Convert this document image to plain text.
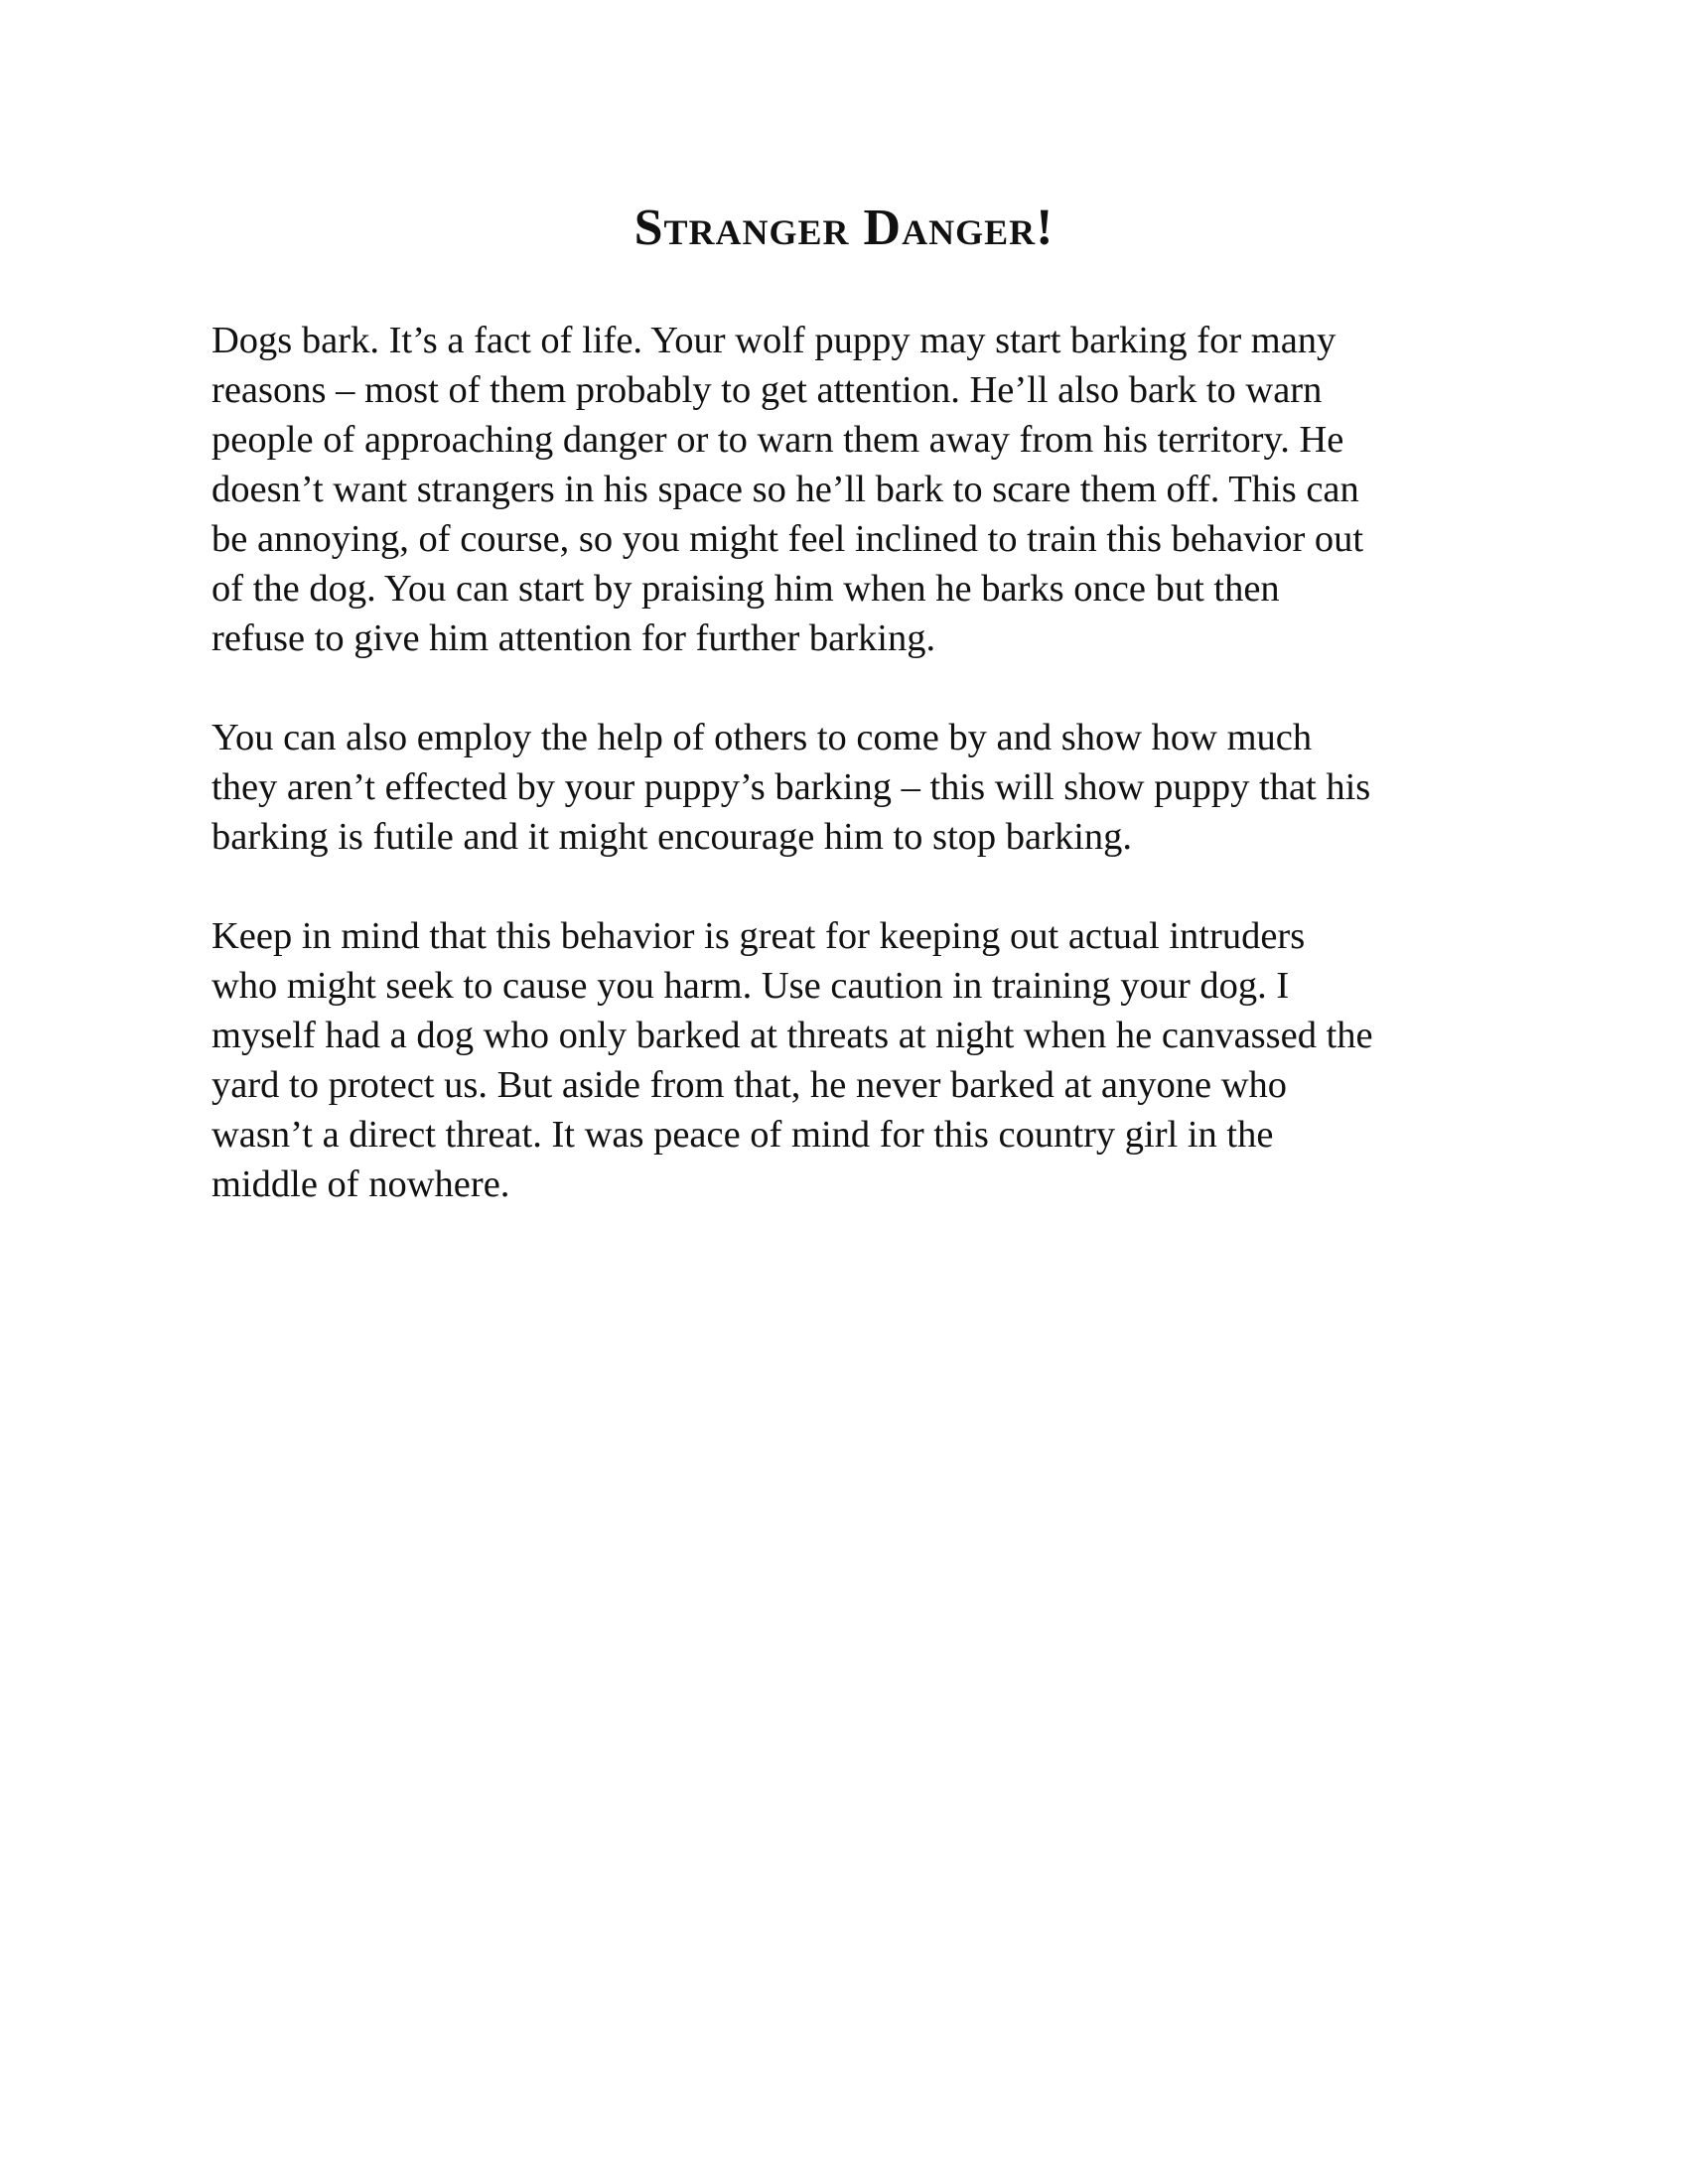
Stranger Danger!

Dogs bark. It’s a fact of life. Your wolf puppy may start barking for many
reasons – most of them probably to get attention. He’ll also bark to warn
people of approaching danger or to warn them away from his territory. He
doesn’t want strangers in his space so he’ll bark to scare them off. This can
be annoying, of course, so you might feel inclined to train this behavior out
of the dog. You can start by praising him when he barks once but then
refuse to give him attention for further barking.

You can also employ the help of others to come by and show how much
they aren’t effected by your puppy’s barking – this will show puppy that his
barking is futile and it might encourage him to stop barking.

Keep in mind that this behavior is great for keeping out actual intruders
who might seek to cause you harm. Use caution in training your dog. I
myself had a dog who only barked at threats at night when he canvassed the
yard to protect us. But aside from that, he never barked at anyone who
wasn’t a direct threat. It was peace of mind for this country girl in the
middle of nowhere.
